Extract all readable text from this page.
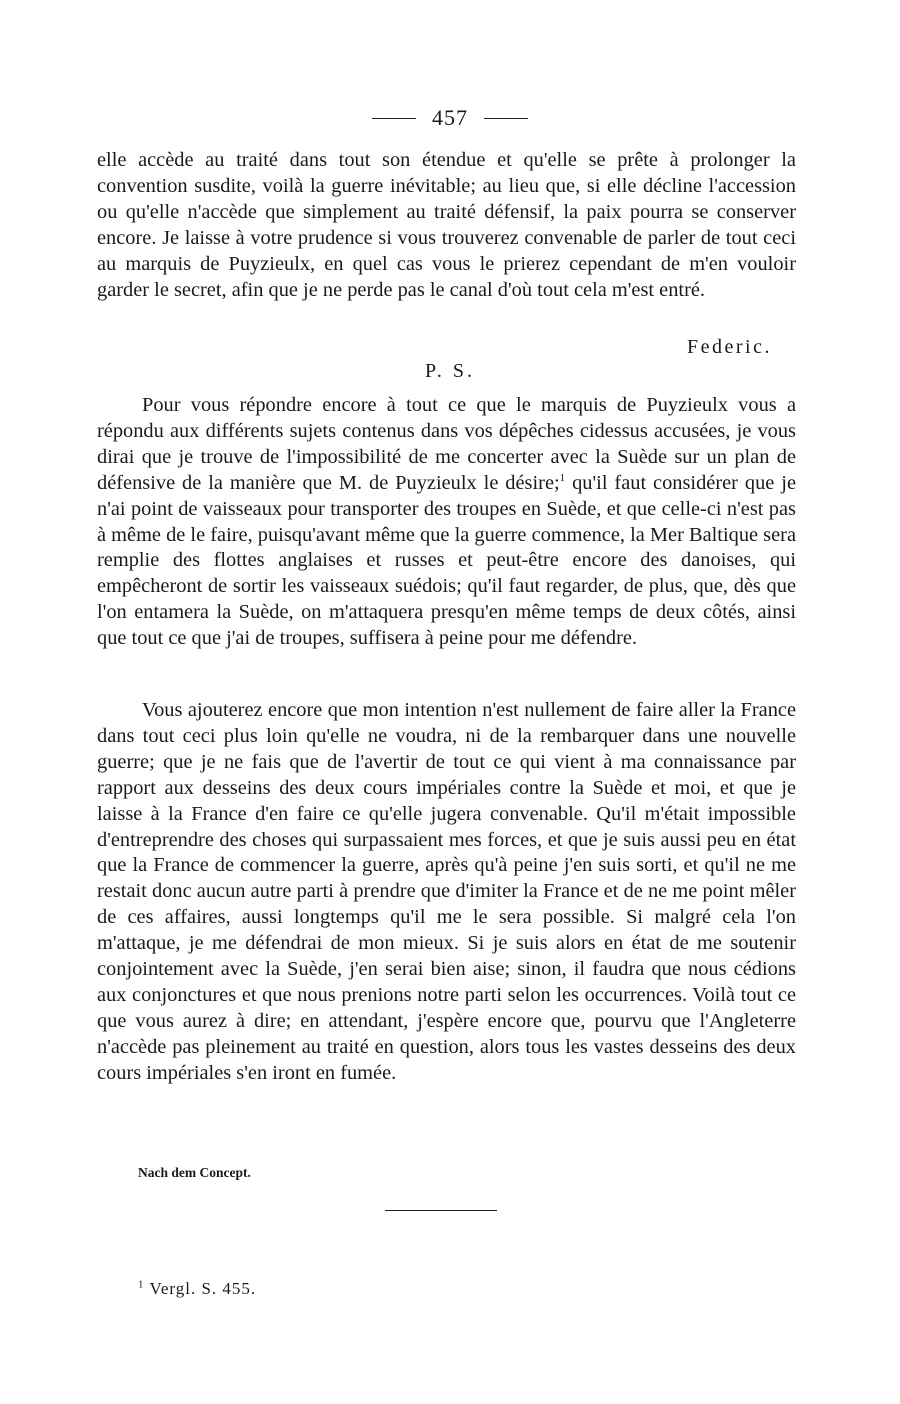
457

elle accède au traité dans tout son étendue et qu'elle se prête à prolonger la convention susdite, voilà la guerre inévitable; au lieu que, si elle décline l'accession ou qu'elle n'accède que simplement au traité défensif, la paix pourra se conserver encore. Je laisse à votre prudence si vous trouverez convenable de parler de tout ceci au marquis de Puyzieulx, en quel cas vous le prierez cependant de m'en vouloir garder le secret, afin que je ne perde pas le canal d'où tout cela m'est entré.

Federic.
P. S.

Pour vous répondre encore à tout ce que le marquis de Puyzieulx vous a répondu aux différents sujets contenus dans vos dépêches cidessus accusées, je vous dirai que je trouve de l'impossibilité de me concerter avec la Suède sur un plan de défensive de la manière que M. de Puyzieulx le désire;$^1$ qu'il faut considérer que je n'ai point de vaisseaux pour transporter des troupes en Suède, et que celle-ci n'est pas à même de le faire, puisqu'avant même que la guerre commence, la Mer Baltique sera remplie des flottes anglaises et russes et peut-être encore des danoises, qui empêcheront de sortir les vaisseaux suédois; qu'il faut regarder, de plus, que, dès que l'on entamera la Suède, on m'attaquera presqu'en même temps de deux côtés, ainsi que tout ce que j'ai de troupes, suffisera à peine pour me défendre.

Vous ajouterez encore que mon intention n'est nullement de faire aller la France dans tout ceci plus loin qu'elle ne voudra, ni de la rembarquer dans une nouvelle guerre; que je ne fais que de l'avertir de tout ce qui vient à ma connaissance par rapport aux desseins des deux cours impériales contre la Suède et moi, et que je laisse à la France d'en faire ce qu'elle jugera convenable. Qu'il m'était impossible d'entreprendre des choses qui surpassaient mes forces, et que je suis aussi peu en état que la France de commencer la guerre, après qu'à peine j'en suis sorti, et qu'il ne me restait donc aucun autre parti à prendre que d'imiter la France et de ne me point mêler de ces affaires, aussi longtemps qu'il me le sera possible. Si malgré cela l'on m'attaque, je me défendrai de mon mieux. Si je suis alors en état de me soutenir conjointement avec la Suède, j'en serai bien aise; sinon, il faudra que nous cédions aux conjonctures et que nous prenions notre parti selon les occurrences. Voilà tout ce que vous aurez à dire; en attendant, j'espère encore que, pourvu que l'Angleterre n'accède pas pleinement au traité en question, alors tous les vastes desseins des deux cours impériales s'en iront en fumée.

Nach dem Concept.
$^1$ Vergl. S. 455.
